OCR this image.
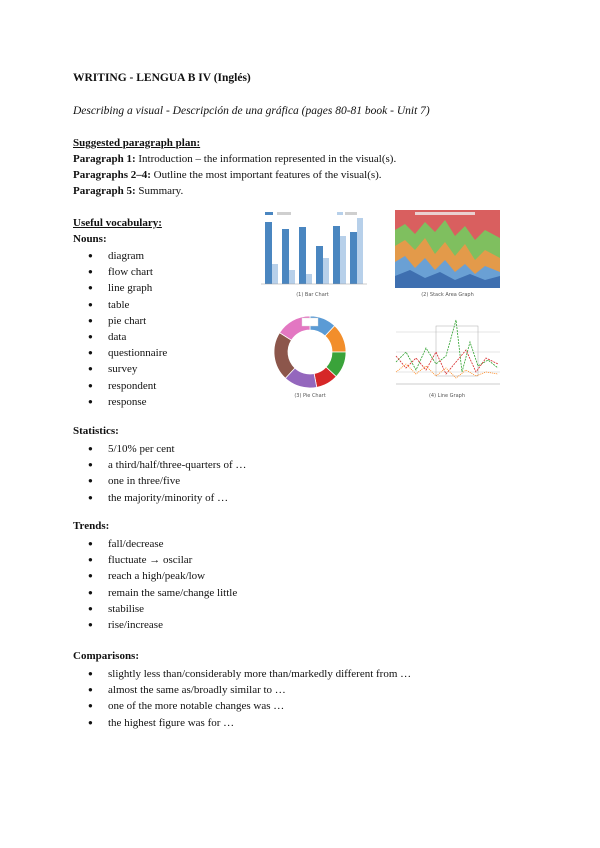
WRITING - LENGUA B IV (Inglés)
Describing a visual - Descripción de una gráfica (pages 80-81 book - Unit 7)
Suggested paragraph plan:
Paragraph 1: Introduction – the information represented in the visual(s).
Paragraphs 2–4: Outline the most important features of the visual(s).
Paragraph 5: Summary.
Useful vocabulary:
Nouns:
● diagram
● flow chart
● line graph
● table
● pie chart
● data
● questionnaire
● survey
● respondent
● response
Statistics:
● 5/10% per cent
● a third/half/three-quarters of …
● one in three/five
● the majority/minority of …
Trends:
● fall/decrease
● fluctuate → oscilar
● reach a high/peak/low
● remain the same/change little
● stabilise
● rise/increase
Comparisons:
● slightly less than/considerably more than/markedly different from …
● almost the same as/broadly similar to …
● one of the more notable changes was …
● the highest figure was for …
(1) Bar Chart	(2) Stack Area Graph
(3) Pie Chart	(4) Line Graph
